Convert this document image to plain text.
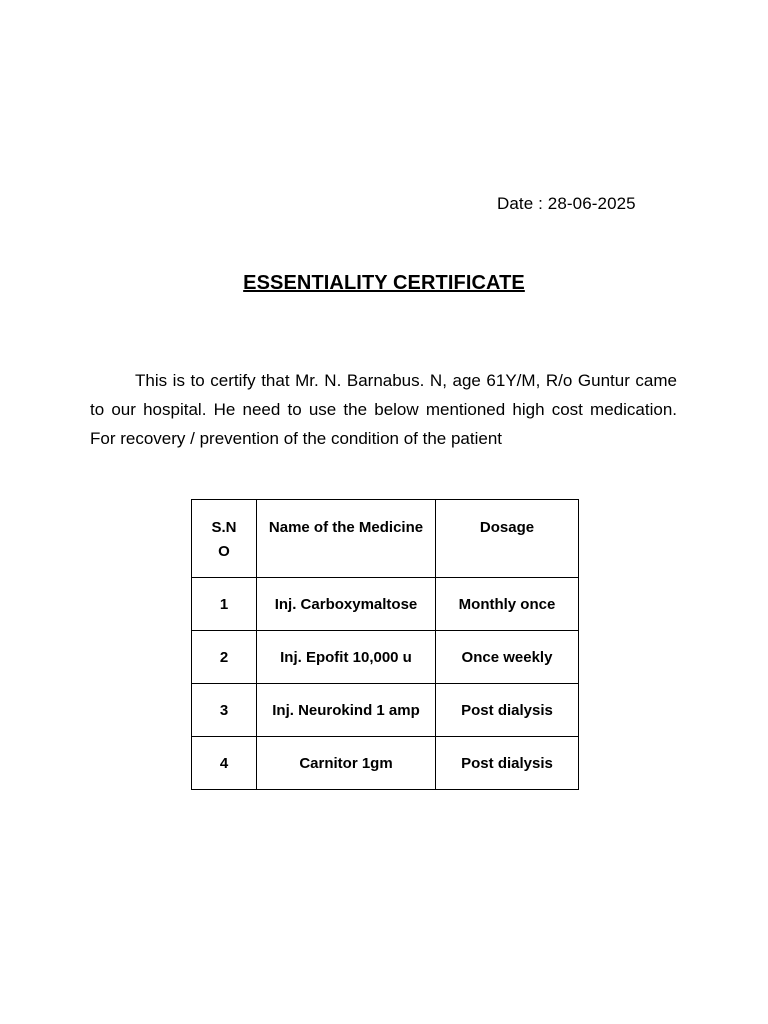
Date : 28-06-2025
ESSENTIALITY CERTIFICATE
This is to certify that Mr. N. Barnabus. N, age 61Y/M, R/o Guntur came to our hospital. He need to use the below mentioned high cost medication. For recovery / prevention of the condition of the patient
S.NO	Name of the Medicine	Dosage
1	Inj. Carboxymaltose	Monthly once
2	Inj. Epofit 10,000 u	Once weekly
3	Inj. Neurokind 1 amp	Post dialysis
4	Carnitor 1gm	Post dialysis
